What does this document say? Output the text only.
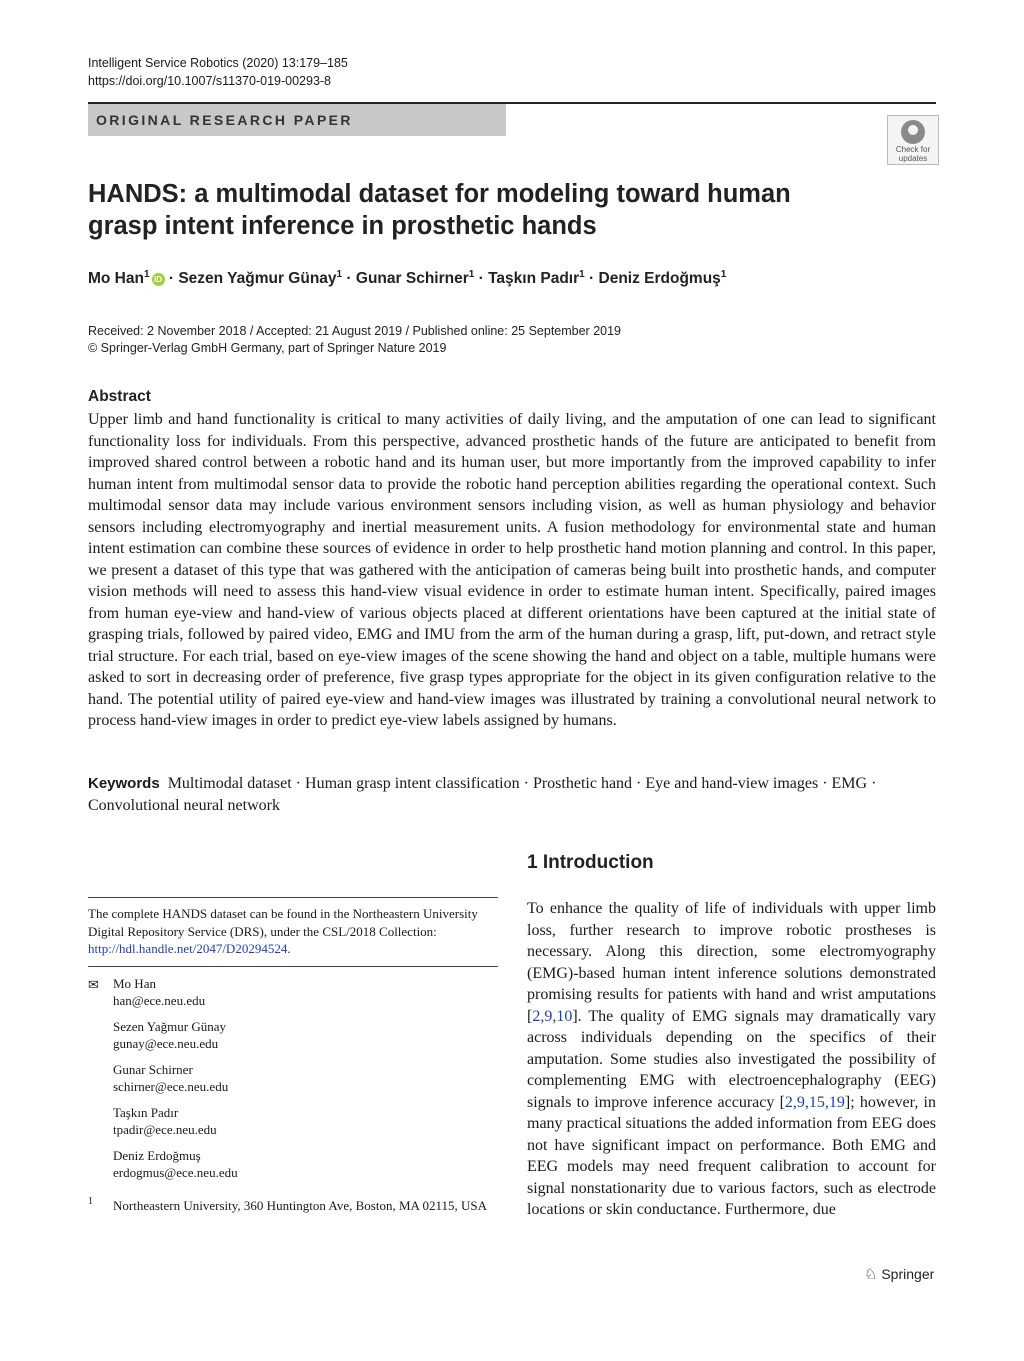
Intelligent Service Robotics (2020) 13:179–185
https://doi.org/10.1007/s11370-019-00293-8
ORIGINAL RESEARCH PAPER
Check for
updates
HANDS: a multimodal dataset for modeling toward human grasp intent inference in prosthetic hands
Mo Han$^1$ iD · Sezen Yağmur Günay$^1$ · Gunar Schirner$^1$ · Taşkın Padır$^1$ · Deniz Erdoğmuş$^1$
Received: 2 November 2018 / Accepted: 21 August 2019 / Published online: 25 September 2019
© Springer-Verlag GmbH Germany, part of Springer Nature 2019
Abstract
Upper limb and hand functionality is critical to many activities of daily living, and the amputation of one can lead to significant functionality loss for individuals. From this perspective, advanced prosthetic hands of the future are anticipated to benefit from improved shared control between a robotic hand and its human user, but more importantly from the improved capability to infer human intent from multimodal sensor data to provide the robotic hand perception abilities regarding the operational context. Such multimodal sensor data may include various environment sensors including vision, as well as human physiology and behavior sensors including electromyography and inertial measurement units. A fusion methodology for environmental state and human intent estimation can combine these sources of evidence in order to help prosthetic hand motion planning and control. In this paper, we present a dataset of this type that was gathered with the anticipation of cameras being built into prosthetic hands, and computer vision methods will need to assess this hand-view visual evidence in order to estimate human intent. Specifically, paired images from human eye-view and hand-view of various objects placed at different orientations have been captured at the initial state of grasping trials, followed by paired video, EMG and IMU from the arm of the human during a grasp, lift, put-down, and retract style trial structure. For each trial, based on eye-view images of the scene showing the hand and object on a table, multiple humans were asked to sort in decreasing order of preference, five grasp types appropriate for the object in its given configuration relative to the hand. The potential utility of paired eye-view and hand-view images was illustrated by training a convolutional neural network to process hand-view images in order to predict eye-view labels assigned by humans.
Keywords Multimodal dataset · Human grasp intent classification · Prosthetic hand · Eye and hand-view images · EMG · Convolutional neural network
The complete HANDS dataset can be found in the Northeastern University Digital Repository Service (DRS), under the CSL/2018 Collection: http://hdl.handle.net/2047/D20294524.
✉ Mo Han
han@ece.neu.edu
Sezen Yağmur Günay
gunay@ece.neu.edu
Gunar Schirner
schirner@ece.neu.edu
Taşkın Padır
tpadir@ece.neu.edu
Deniz Erdoğmuş
erdogmus@ece.neu.edu
1 Northeastern University, 360 Huntington Ave, Boston, MA 02115, USA
1 Introduction
To enhance the quality of life of individuals with upper limb loss, further research to improve robotic prostheses is necessary. Along this direction, some electromyography (EMG)-based human intent inference solutions demonstrated promising results for patients with hand and wrist amputations [2,9,10]. The quality of EMG signals may dramatically vary across individuals depending on the specifics of their amputation. Some studies also investigated the possibility of complementing EMG with electroencephalography (EEG) signals to improve inference accuracy [2,9,15,19]; however, in many practical situations the added information from EEG does not have significant impact on performance. Both EMG and EEG models may need frequent calibration to account for signal nonstationarity due to various factors, such as electrode locations or skin conductance. Furthermore, due
♘ Springer
